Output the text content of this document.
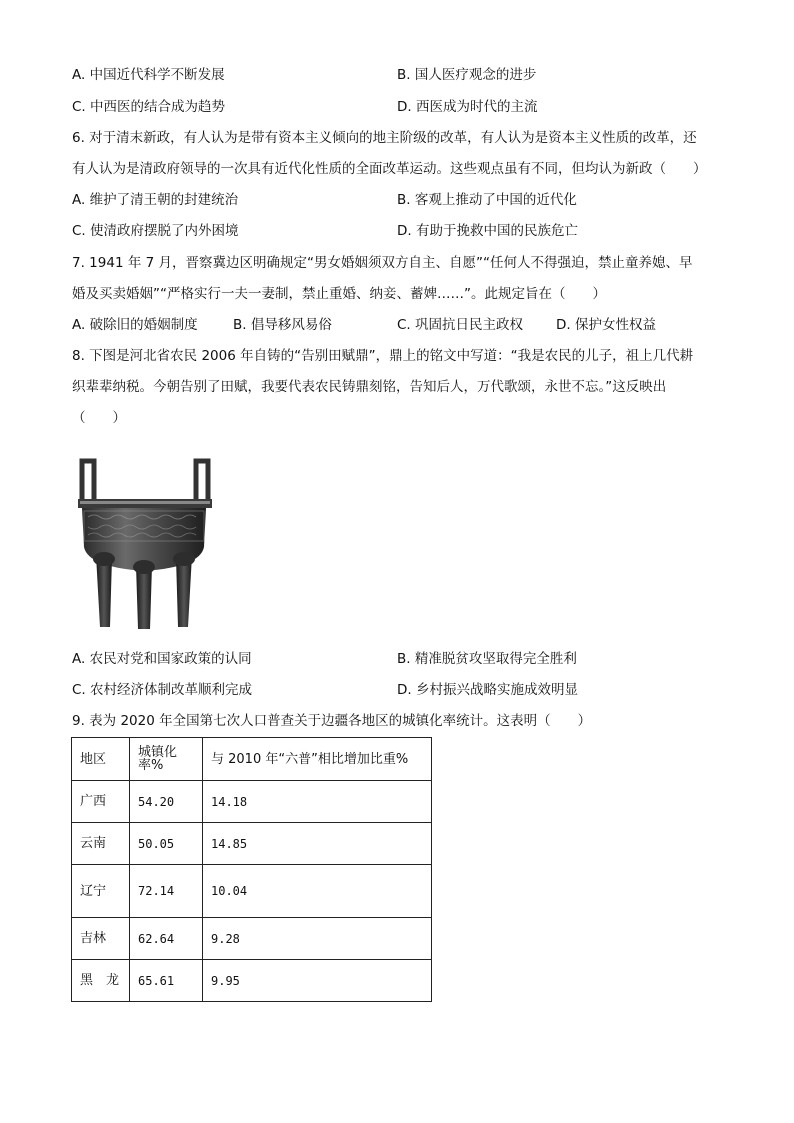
A. 中国近代科学不断发展	B. 国人医疗观念的进步
C. 中西医的结合成为趋势	D. 西医成为时代的主流
6. 对于清末新政，有人认为是带有资本主义倾向的地主阶级的改革，有人认为是资本主义性质的改革，还
有人认为是清政府领导的一次具有近代化性质的全面改革运动。这些观点虽有不同，但均认为新政（　　）
A. 维护了清王朝的封建统治	B. 客观上推动了中国的近代化
C. 使清政府摆脱了内外困境	D. 有助于挽救中国的民族危亡
7. 1941 年 7 月，晋察冀边区明确规定“男女婚姻须双方自主、自愿”“任何人不得强迫，禁止童养媳、早
婚及买卖婚姻”“严格实行一夫一妻制，禁止重婚、纳妾、蓄婢……”。此规定旨在（　　）
A. 破除旧的婚姻制度	B. 倡导移风易俗	C. 巩固抗日民主政权 D. 保护女性权益
8. 下图是河北省农民 2006 年自铸的“告别田赋鼎”，鼎上的铭文中写道：“我是农民的儿子，祖上几代耕
织辈辈纳税。今朝告别了田赋，我要代表农民铸鼎刻铭，告知后人，万代歌颂，永世不忘。”这反映出
（　　）
A. 农民对党和国家政策的认同	B. 精准脱贫攻坚取得完全胜利
C. 农村经济体制改革顺利完成	D. 乡村振兴战略实施成效明显
9. 表为 2020 年全国第七次人口普查关于边疆各地区的城镇化率统计。这表明（　　）
地区	城镇化率%	与 2010 年“六普”相比增加比重%
广西	54.20	14.18
云南	50.05	14.85
辽宁	72.14	10.04
吉林	62.64	9.28
黑　龙	65.61	9.95
